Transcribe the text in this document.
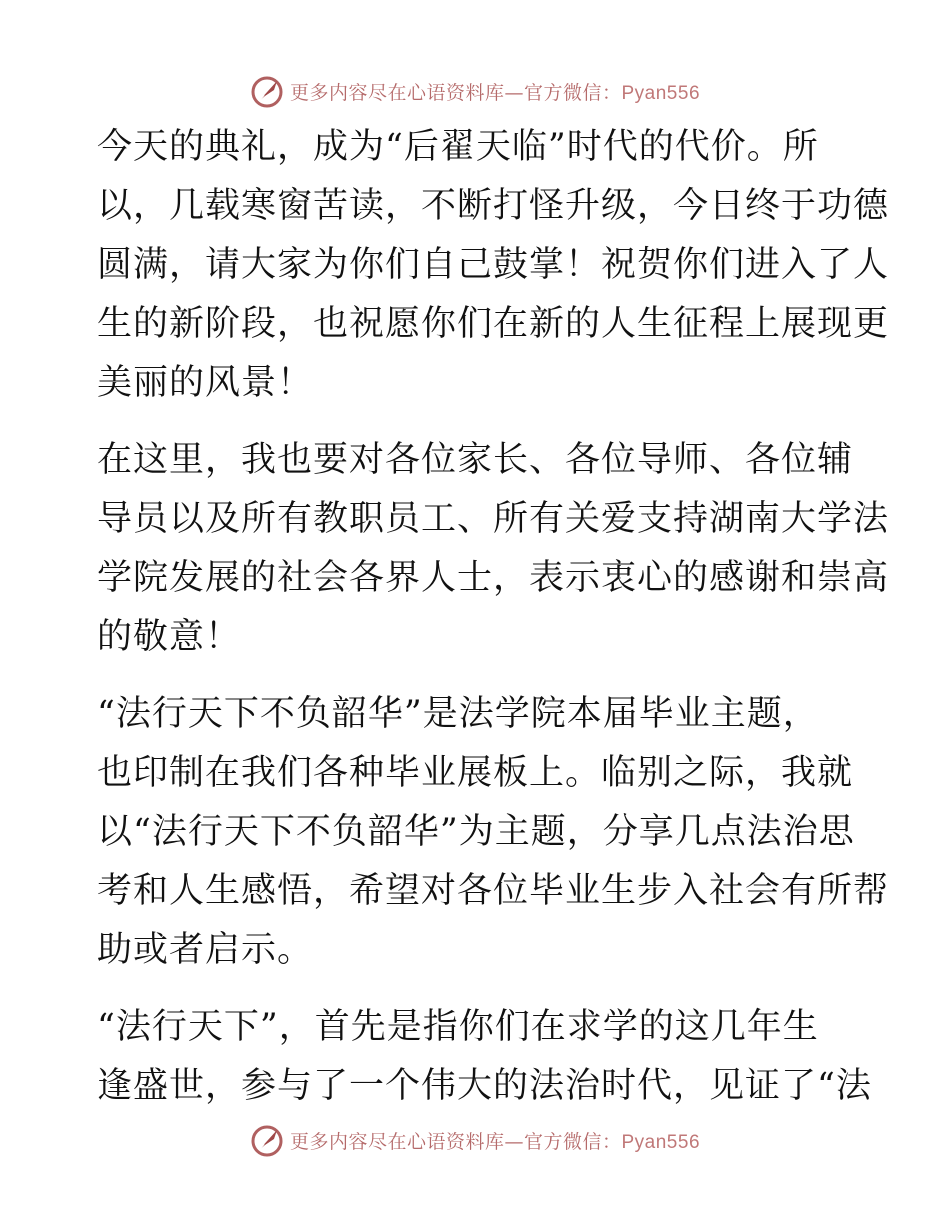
更多内容尽在心语资料库—官方微信：Pyan556
今天的典礼，成为“后翟天临”时代的代价。所
以，几载寒窗苦读，不断打怪升级，今日终于功德
圆满，请大家为你们自己鼓掌！祝贺你们进入了人
生的新阶段，也祝愿你们在新的人生征程上展现更
美丽的风景！
在这里，我也要对各位家长、各位导师、各位辅
导员以及所有教职员工、所有关爱支持湖南大学法
学院发展的社会各界人士，表示衷心的感谢和崇高
的敬意！
“法行天下不负韶华”是法学院本届毕业主题，
也印制在我们各种毕业展板上。临别之际，我就
以“法行天下不负韶华”为主题，分享几点法治思
考和人生感悟，希望对各位毕业生步入社会有所帮
助或者启示。
“法行天下”，首先是指你们在求学的这几年生
逢盛世，参与了一个伟大的法治时代，见证了“法
更多内容尽在心语资料库—官方微信：Pyan556
